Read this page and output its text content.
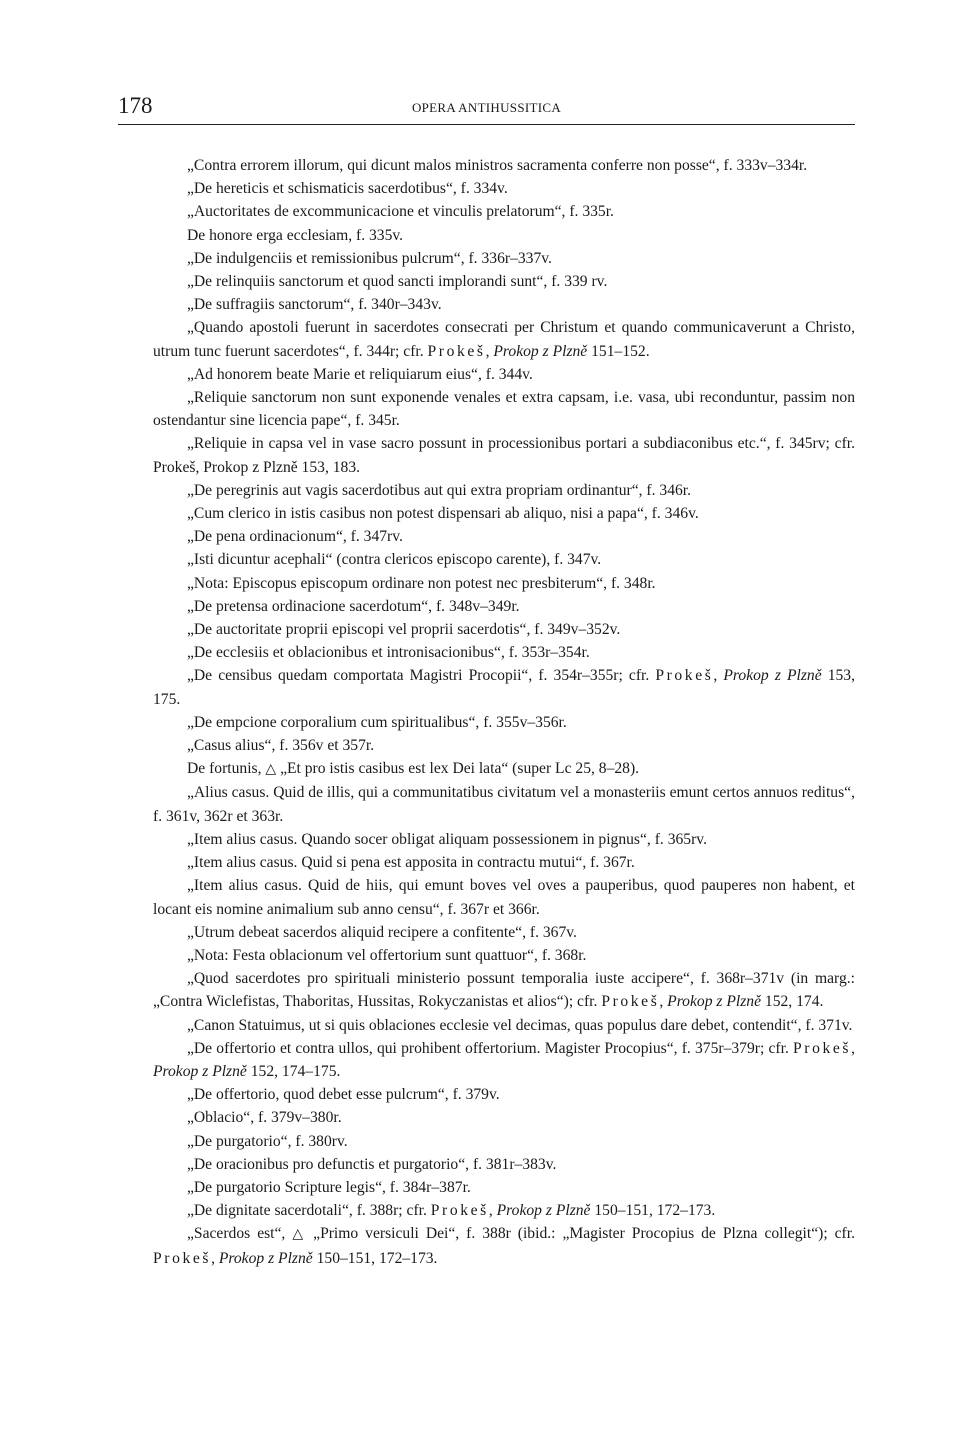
178	OPERA ANTIHUSSITICA

„Contra errorem illorum, qui dicunt malos ministros sacramenta conferre non posse“, f. 333v–334r.

„De hereticis et schismaticis sacerdotibus“, f. 334v.

„Auctoritates de excommunicacione et vinculis prelatorum“, f. 335r.

De honore erga ecclesiam, f. 335v.

„De indulgenciis et remissionibus pulcrum“, f. 336r–337v.

„De relinquiis sanctorum et quod sancti implorandi sunt“, f. 339 rv.

„De suffragiis sanctorum“, f. 340r–343v.

„Quando apostoli fuerunt in sacerdotes consecrati per Christum et quando communicaverunt a Christo, utrum tunc fuerunt sacerdotes“, f. 344r; cfr. Prokeš, Prokop z Plzně 151–152.

„Ad honorem beate Marie et reliquiarum eius“, f. 344v.

„Reliquie sanctorum non sunt exponende venales et extra capsam, i.e. vasa, ubi reconduntur, passim non ostendantur sine licencia pape“, f. 345r.

„Reliquie in capsa vel in vase sacro possunt in processionibus portari a subdiaconibus etc.“, f. 345rv; cfr. Prokeš, Prokop z Plzně 153, 183.

„De peregrinis aut vagis sacerdotibus aut qui extra propriam ordinantur“, f. 346r.

„Cum clerico in istis casibus non potest dispensari ab aliquo, nisi a papa“, f. 346v.

„De pena ordinacionum“, f. 347rv.

„Isti dicuntur acephali“ (contra clericos episcopo carente), f. 347v.

„Nota: Episcopus episcopum ordinare non potest nec presbiterum“, f. 348r.

„De pretensa ordinacione sacerdotum“, f. 348v–349r.

„De auctoritate proprii episcopi vel proprii sacerdotis“, f. 349v–352v.

„De ecclesiis et oblacionibus et intronisacionibus“, f. 353r–354r.

„De censibus quedam comportata Magistri Procopii“, f. 354r–355r; cfr. Prokeš, Prokop z Plzně 153, 175.

„De empcione corporalium cum spiritualibus“, f. 355v–356r.

„Casus alius“, f. 356v et 357r.

De fortunis, △ „Et pro istis casibus est lex Dei lata“ (super Lc 25, 8–28).

„Alius casus. Quid de illis, qui a communitatibus civitatum vel a monasteriis emunt certos annuos reditus“, f. 361v, 362r et 363r.

„Item alius casus. Quando socer obligat aliquam possessionem in pignus“, f. 365rv.

„Item alius casus. Quid si pena est apposita in contractu mutui“, f. 367r.

„Item alius casus. Quid de hiis, qui emunt boves vel oves a pauperibus, quod pauperes non habent, et locant eis nomine animalium sub anno censu“, f. 367r et 366r.

„Utrum debeat sacerdos aliquid recipere a confitente“, f. 367v.

„Nota: Festa oblacionum vel offertorium sunt quattuor“, f. 368r.

„Quod sacerdotes pro spirituali ministerio possunt temporalia iuste accipere“, f. 368r–371v (in marg.: „Contra Wiclefistas, Thaboritas, Hussitas, Rokyczanistas et alios“); cfr. Prokeš, Prokop z Plzně 152, 174.

„Canon Statuimus, ut si quis oblaciones ecclesie vel decimas, quas populus dare debet, contendit“, f. 371v.

„De offertorio et contra ullos, qui prohibent offertorium. Magister Procopius“, f. 375r–379r; cfr. Prokeš, Prokop z Plzně 152, 174–175.

„De offertorio, quod debet esse pulcrum“, f. 379v.

„Oblacio“, f. 379v–380r.

„De purgatorio“, f. 380rv.

„De oracionibus pro defunctis et purgatorio“, f. 381r–383v.

„De purgatorio Scripture legis“, f. 384r–387r.

„De dignitate sacerdotali“, f. 388r; cfr. Prokeš, Prokop z Plzně 150–151, 172–173.

„Sacerdos est“, △ „Primo versiculi Dei“, f. 388r (ibid.: „Magister Procopius de Plzna collegit“); cfr. Prokeš, Prokop z Plzně 150–151, 172–173.
